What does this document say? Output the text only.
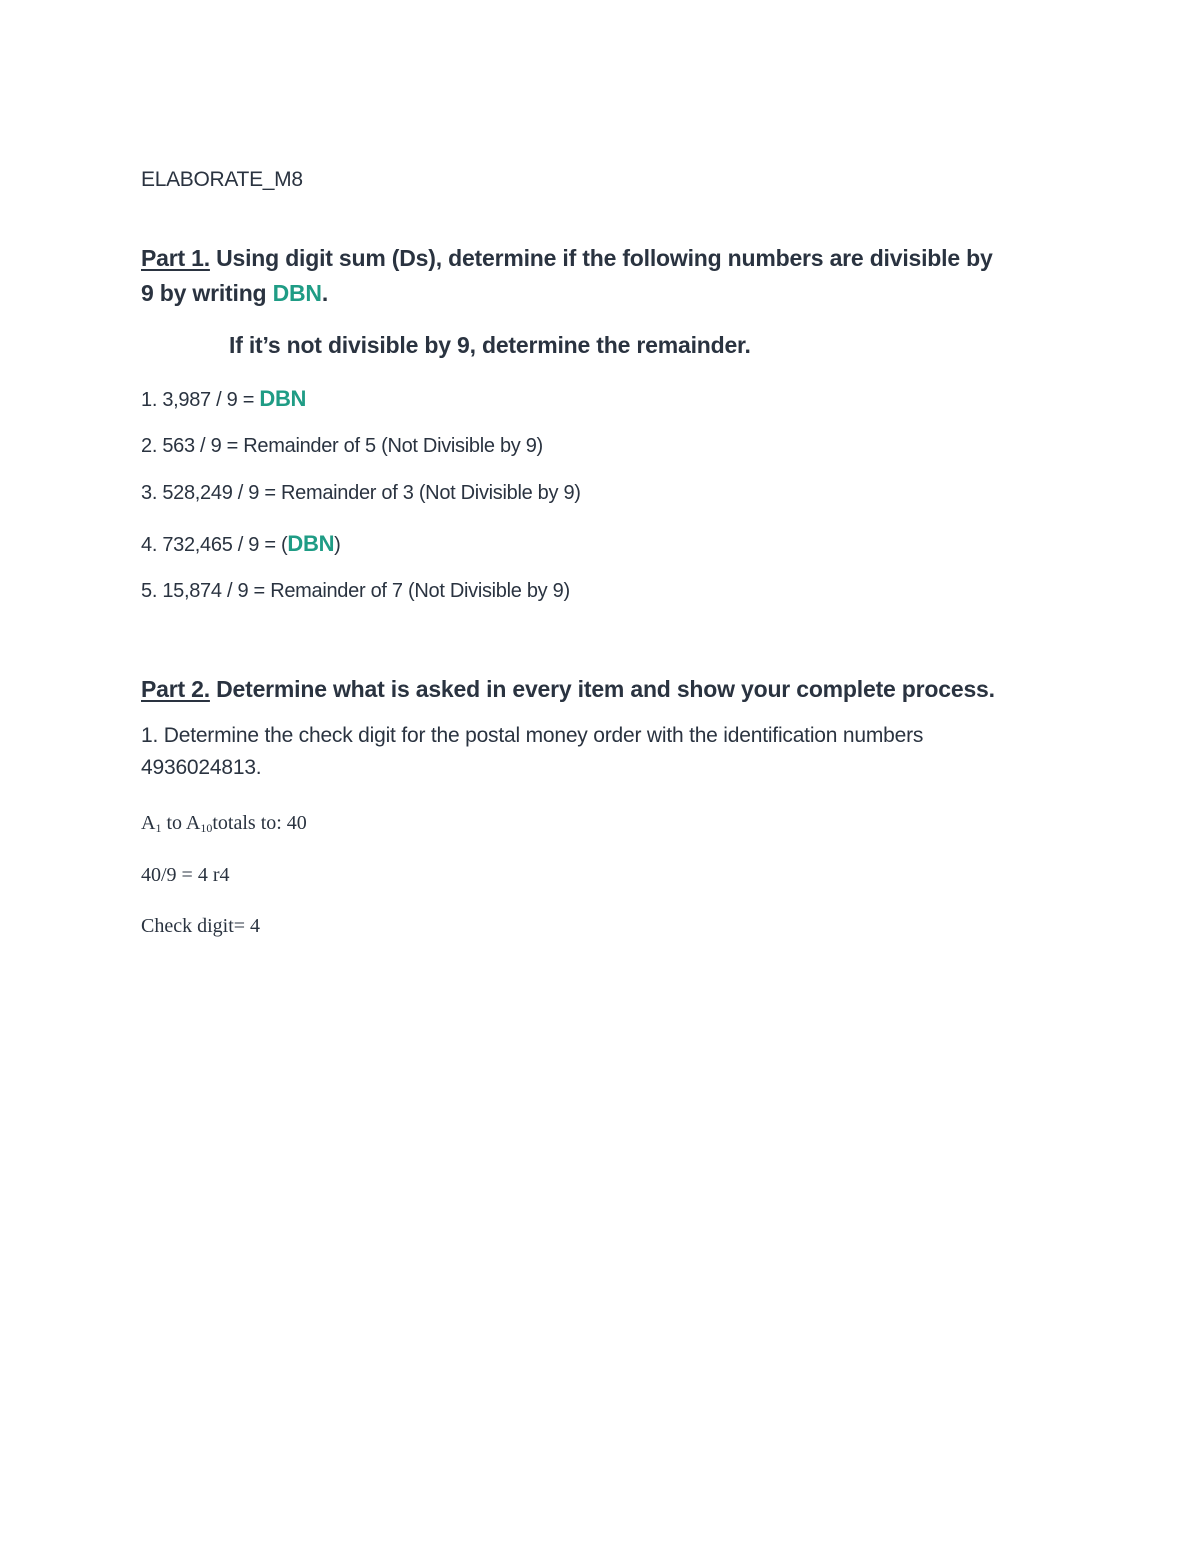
ELABORATE_M8
Part 1. Using digit sum (Ds), determine if the following numbers are divisible by
9 by writing DBN.
If it’s not divisible by 9, determine the remainder.
1. 3,987 / 9 = DBN
2. 563 / 9 = Remainder of 5 (Not Divisible by 9)
3. 528,249 / 9 = Remainder of 3 (Not Divisible by 9)
4. 732,465 / 9 = (DBN)
5. 15,874 / 9 = Remainder of 7 (Not Divisible by 9)
Part 2. Determine what is asked in every item and show your complete process.
1. Determine the check digit for the postal money order with the identification numbers
4936024813.
$A_1$ to $A_{10}totals$ to: 40
40/9 = 4 r4
Check digit= 4
